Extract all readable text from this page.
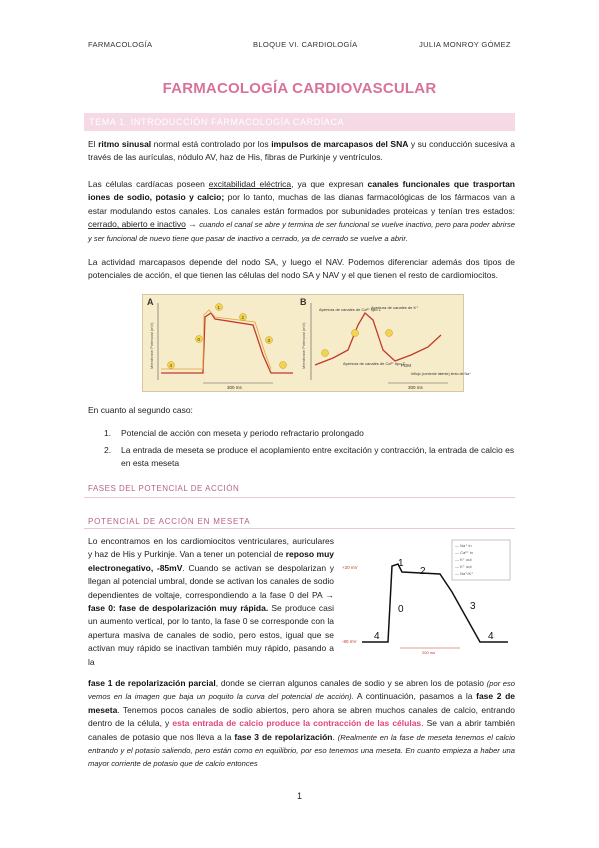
FARMACOLOGÍA	BLOQUE VI. CARDIOLOGÍA	JULIA MONROY GÓMEZ
FARMACOLOGÍA CARDIOVASCULAR
TEMA 1. INTRODUCCIÓN FARMACOLOGÍA CARDÍACA
El ritmo sinusal normal está controlado por los impulsos de marcapasos del SNA y su conducción sucesiva a través de las aurículas, nódulo AV, haz de His, fibras de Purkinje y ventrículos.
Las células cardíacas poseen excitabilidad eléctrica, ya que expresan canales funcionales que trasportan iones de sodio, potasio y calcio; por lo tanto, muchas de las dianas farmacológicas de los fármacos van a estar modulando estos canales. Los canales están formados por subunidades proteicas y tenían tres estados: cerrado, abierto e inactivo → cuando el canal se abre y termina de ser funcional se vuelve inactivo, pero para poder abrirse y ser funcional de nuevo tiene que pasar de inactivo a cerrado, ya de cerrado se vuelve a abrir.
La actividad marcapasos depende del nodo SA, y luego el NAV. Podemos diferenciar además dos tipos de potenciales de acción, el que tienen las células del nodo SA y NAV y el que tienen el resto de cardiomiocitos.
A	B
Membrane Potencial (mV)	Membrane Potencial (mV)
4
0
1
2
3
Apertura de canales de Ca²⁺ tipo L
Apertura de canales de K⁺
Apertura de canales de Ca²⁺ tipo T
PDM
Influjo (corriente latente) lento de Na⁺
300 ms	300 ms
En cuanto al segundo caso:
1. Potencial de acción con meseta y periodo refractario prolongado
2.	La entrada de meseta se produce el acoplamiento entre excitación y contracción, la entrada de calcio es en esta meseta
FASES DEL POTENCIAL DE ACCIÓN
POTENCIAL DE ACCIÓN EN MESETA
+20 mV
-80 mV
1
2
0	3
4	4
200 ms
— Na⁺ in
— Ca²⁺ in
— K⁺ out
— K⁺ out
— Na⁺/K⁺
Lo encontramos en los cardiomiocitos ventriculares, auriculares y haz de His y Purkinje. Van a tener un potencial de reposo muy electronegativo, -85mV. Cuando se activan se despolarizan y llegan al potencial umbral, donde se activan los canales de sodio dependientes de voltaje, correspondiendo a la fase 0 del PA → fase 0: fase de despolarización muy rápida. Se produce casi un aumento vertical, por lo tanto, la fase 0 se corresponde con la apertura masiva de canales de sodio, pero estos, igual que se activan muy rápido se inactivan también muy rápido, pasando a la
fase 1 de repolarización parcial, donde se cierran algunos canales de sodio y se abren los de potasio (por eso vemos en la imagen que baja un poquito la curva del potencial de acción). A continuación, pasamos a la fase 2 de meseta. Tenemos pocos canales de sodio abiertos, pero ahora se abren muchos canales de calcio, entrando dentro de la célula, y esta entrada de calcio produce la contracción de las células. Se van a abrir también canales de potasio que nos lleva a la fase 3 de repolarización. (Realmente en la fase de meseta tenemos el calcio entrando y el potasio saliendo, pero están como en equilibrio, por eso tenemos una meseta. En cuanto empieza a haber una mayor corriente de potasio que de calcio entonces
1
